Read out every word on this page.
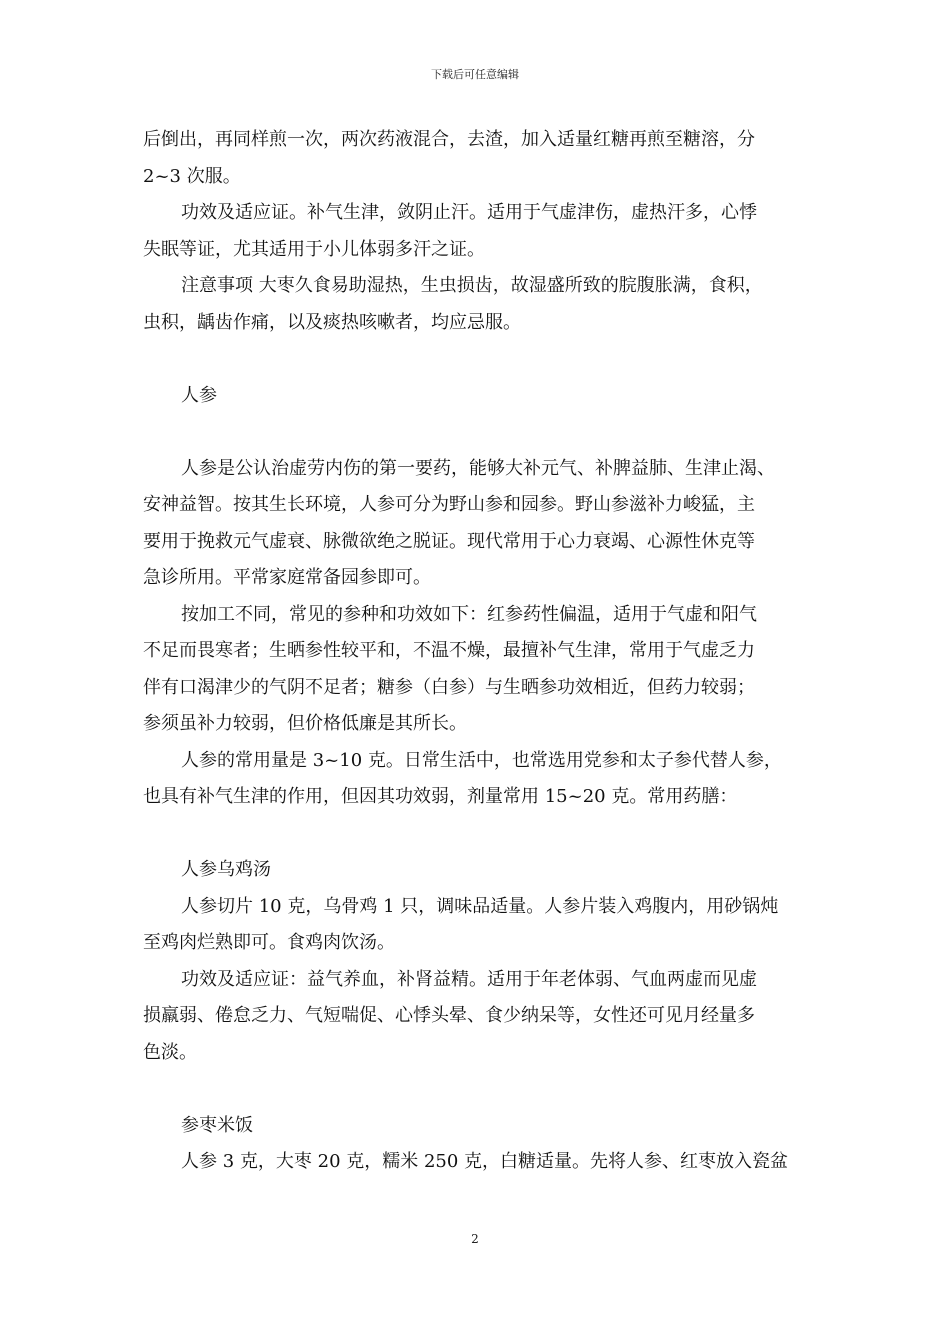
下载后可任意编辑
后倒出，再同样煎一次，两次药液混合，去渣，加入适量红糖再煎至糖溶，分
2~3 次服。
功效及适应证。补气生津，敛阴止汗。适用于气虚津伤，虚热汗多，心悸
失眠等证，尤其适用于小儿体弱多汗之证。
注意事项 大枣久食易助湿热，生虫损齿，故湿盛所致的脘腹胀满，食积，
虫积，龋齿作痛，以及痰热咳嗽者，均应忌服。
人参
人参是公认治虚劳内伤的第一要药，能够大补元气、补脾益肺、生津止渴、
安神益智。按其生长环境，人参可分为野山参和园参。野山参滋补力峻猛，主
要用于挽救元气虚衰、脉微欲绝之脱证。现代常用于心力衰竭、心源性休克等
急诊所用。平常家庭常备园参即可。
按加工不同，常见的参种和功效如下：红参药性偏温，适用于气虚和阳气
不足而畏寒者；生晒参性较平和，不温不燥，最擅补气生津，常用于气虚乏力
伴有口渴津少的气阴不足者；糖参（白参）与生晒参功效相近，但药力较弱；
参须虽补力较弱，但价格低廉是其所长。
人参的常用量是 3~10 克。日常生活中，也常选用党参和太子参代替人参，
也具有补气生津的作用，但因其功效弱，剂量常用 15~20 克。常用药膳：
人参乌鸡汤
人参切片 10 克，乌骨鸡 1 只，调味品适量。人参片装入鸡腹内，用砂锅炖
至鸡肉烂熟即可。食鸡肉饮汤。
功效及适应证：益气养血，补肾益精。适用于年老体弱、气血两虚而见虚
损羸弱、倦怠乏力、气短喘促、心悸头晕、食少纳呆等，女性还可见月经量多
色淡。
参枣米饭
人参 3 克，大枣 20 克，糯米 250 克，白糖适量。先将人参、红枣放入瓷盆
2
